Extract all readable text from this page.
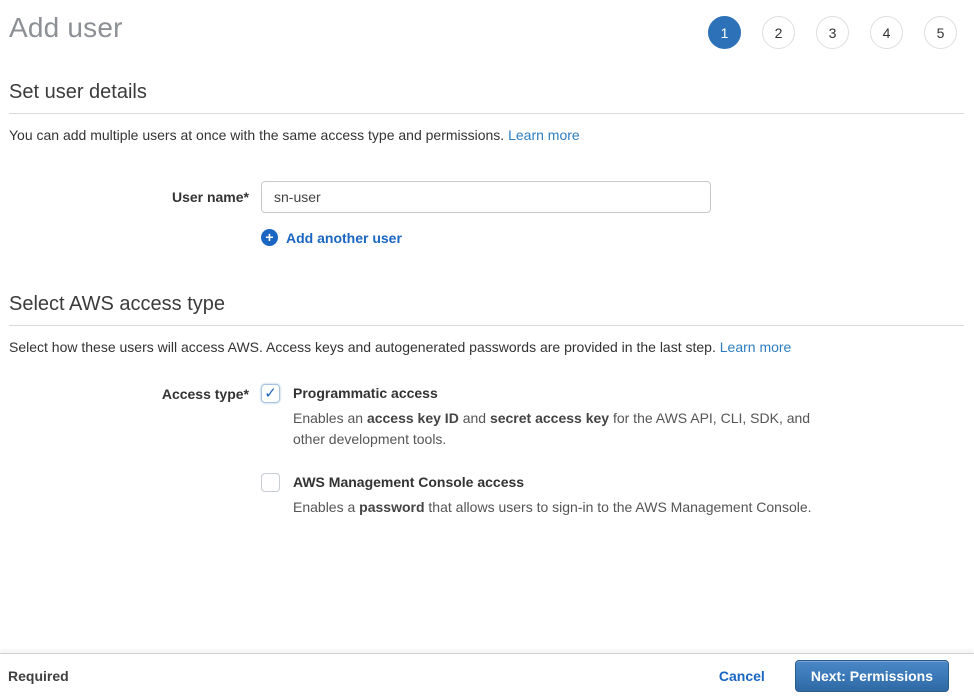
Add user	1	2	3	4	5
Set user details

You can add multiple users at once with the same access type and permissions. Learn more

User name*
sn-user
+ Add another user
Select AWS access type

Select how these users will access AWS. Access keys and autogenerated passwords are provided in the last step. Learn more

Access type* ✓ Programmatic access
Enables an access key ID and secret access key for the AWS API, CLI, SDK, and other development tools.
AWS Management Console access
Enables a password that allows users to sign-in to the AWS Management Console.
Required	Cancel	Next: Permissions
